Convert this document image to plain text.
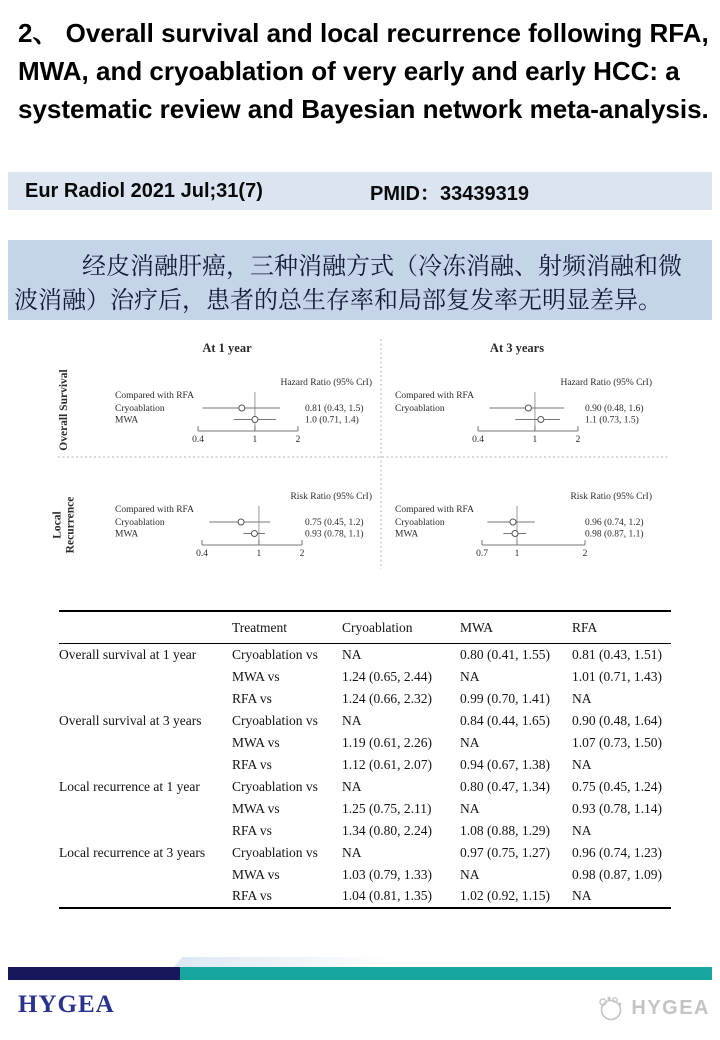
2、 Overall survival and local recurrence following RFA, MWA, and cryoablation of very early and early HCC: a systematic review and Bayesian network meta-analysis.
Eur Radiol 2021 Jul;31(7)	PMID：33439319
经皮消融肝癌，三种消融方式（冷冻消融、射频消融和微
波消融）治疗后，患者的总生存率和局部复发率无明显差异。
At 1 year
Hazard Ratio (95% CrI)
Compared with RFA
Cryoablation	0.81 (0.43, 1.5)
MWA	1.0 (0.71, 1.4)
0.4	1	2
At 3 years
Hazard Ratio (95% CrI)
Compared with RFA
Cryoablation	0.90 (0.48, 1.6)
1.1 (0.73, 1.5)
0.4	1	2
Risk Ratio (95% CrI)
Compared with RFA
Cryoablation	0.75 (0.45, 1.2)
MWA	0.93 (0.78, 1.1)
0.4	1	2
Risk Ratio (95% CrI)
Compared with RFA
Cryoablation	0.96 (0.74, 1.2)
MWA	0.98 (0.87, 1.1)
0.7	1	2
Overall Survival
Local Recurrence
	Treatment	Cryoablation	MWA	RFA
Overall survival at 1 year	Cryoablation vs	NA	0.80 (0.41, 1.55)	0.81 (0.43, 1.51)
	MWA vs	1.24 (0.65, 2.44)	NA	1.01 (0.71, 1.43)
	RFA vs	1.24 (0.66, 2.32)	0.99 (0.70, 1.41)	NA
Overall survival at 3 years	Cryoablation vs	NA	0.84 (0.44, 1.65)	0.90 (0.48, 1.64)
	MWA vs	1.19 (0.61, 2.26)	NA	1.07 (0.73, 1.50)
	RFA vs	1.12 (0.61, 2.07)	0.94 (0.67, 1.38)	NA
Local recurrence at 1 year	Cryoablation vs	NA	0.80 (0.47, 1.34)	0.75 (0.45, 1.24)
	MWA vs	1.25 (0.75, 2.11)	NA	0.93 (0.78, 1.14)
	RFA vs	1.34 (0.80, 2.24)	1.08 (0.88, 1.29)	NA
Local recurrence at 3 years	Cryoablation vs	NA	0.97 (0.75, 1.27)	0.96 (0.74, 1.23)
	MWA vs	1.03 (0.79, 1.33)	NA	0.98 (0.87, 1.09)
	RFA vs	1.04 (0.81, 1.35)	1.02 (0.92, 1.15)	NA
HYGEA	HYGEA
